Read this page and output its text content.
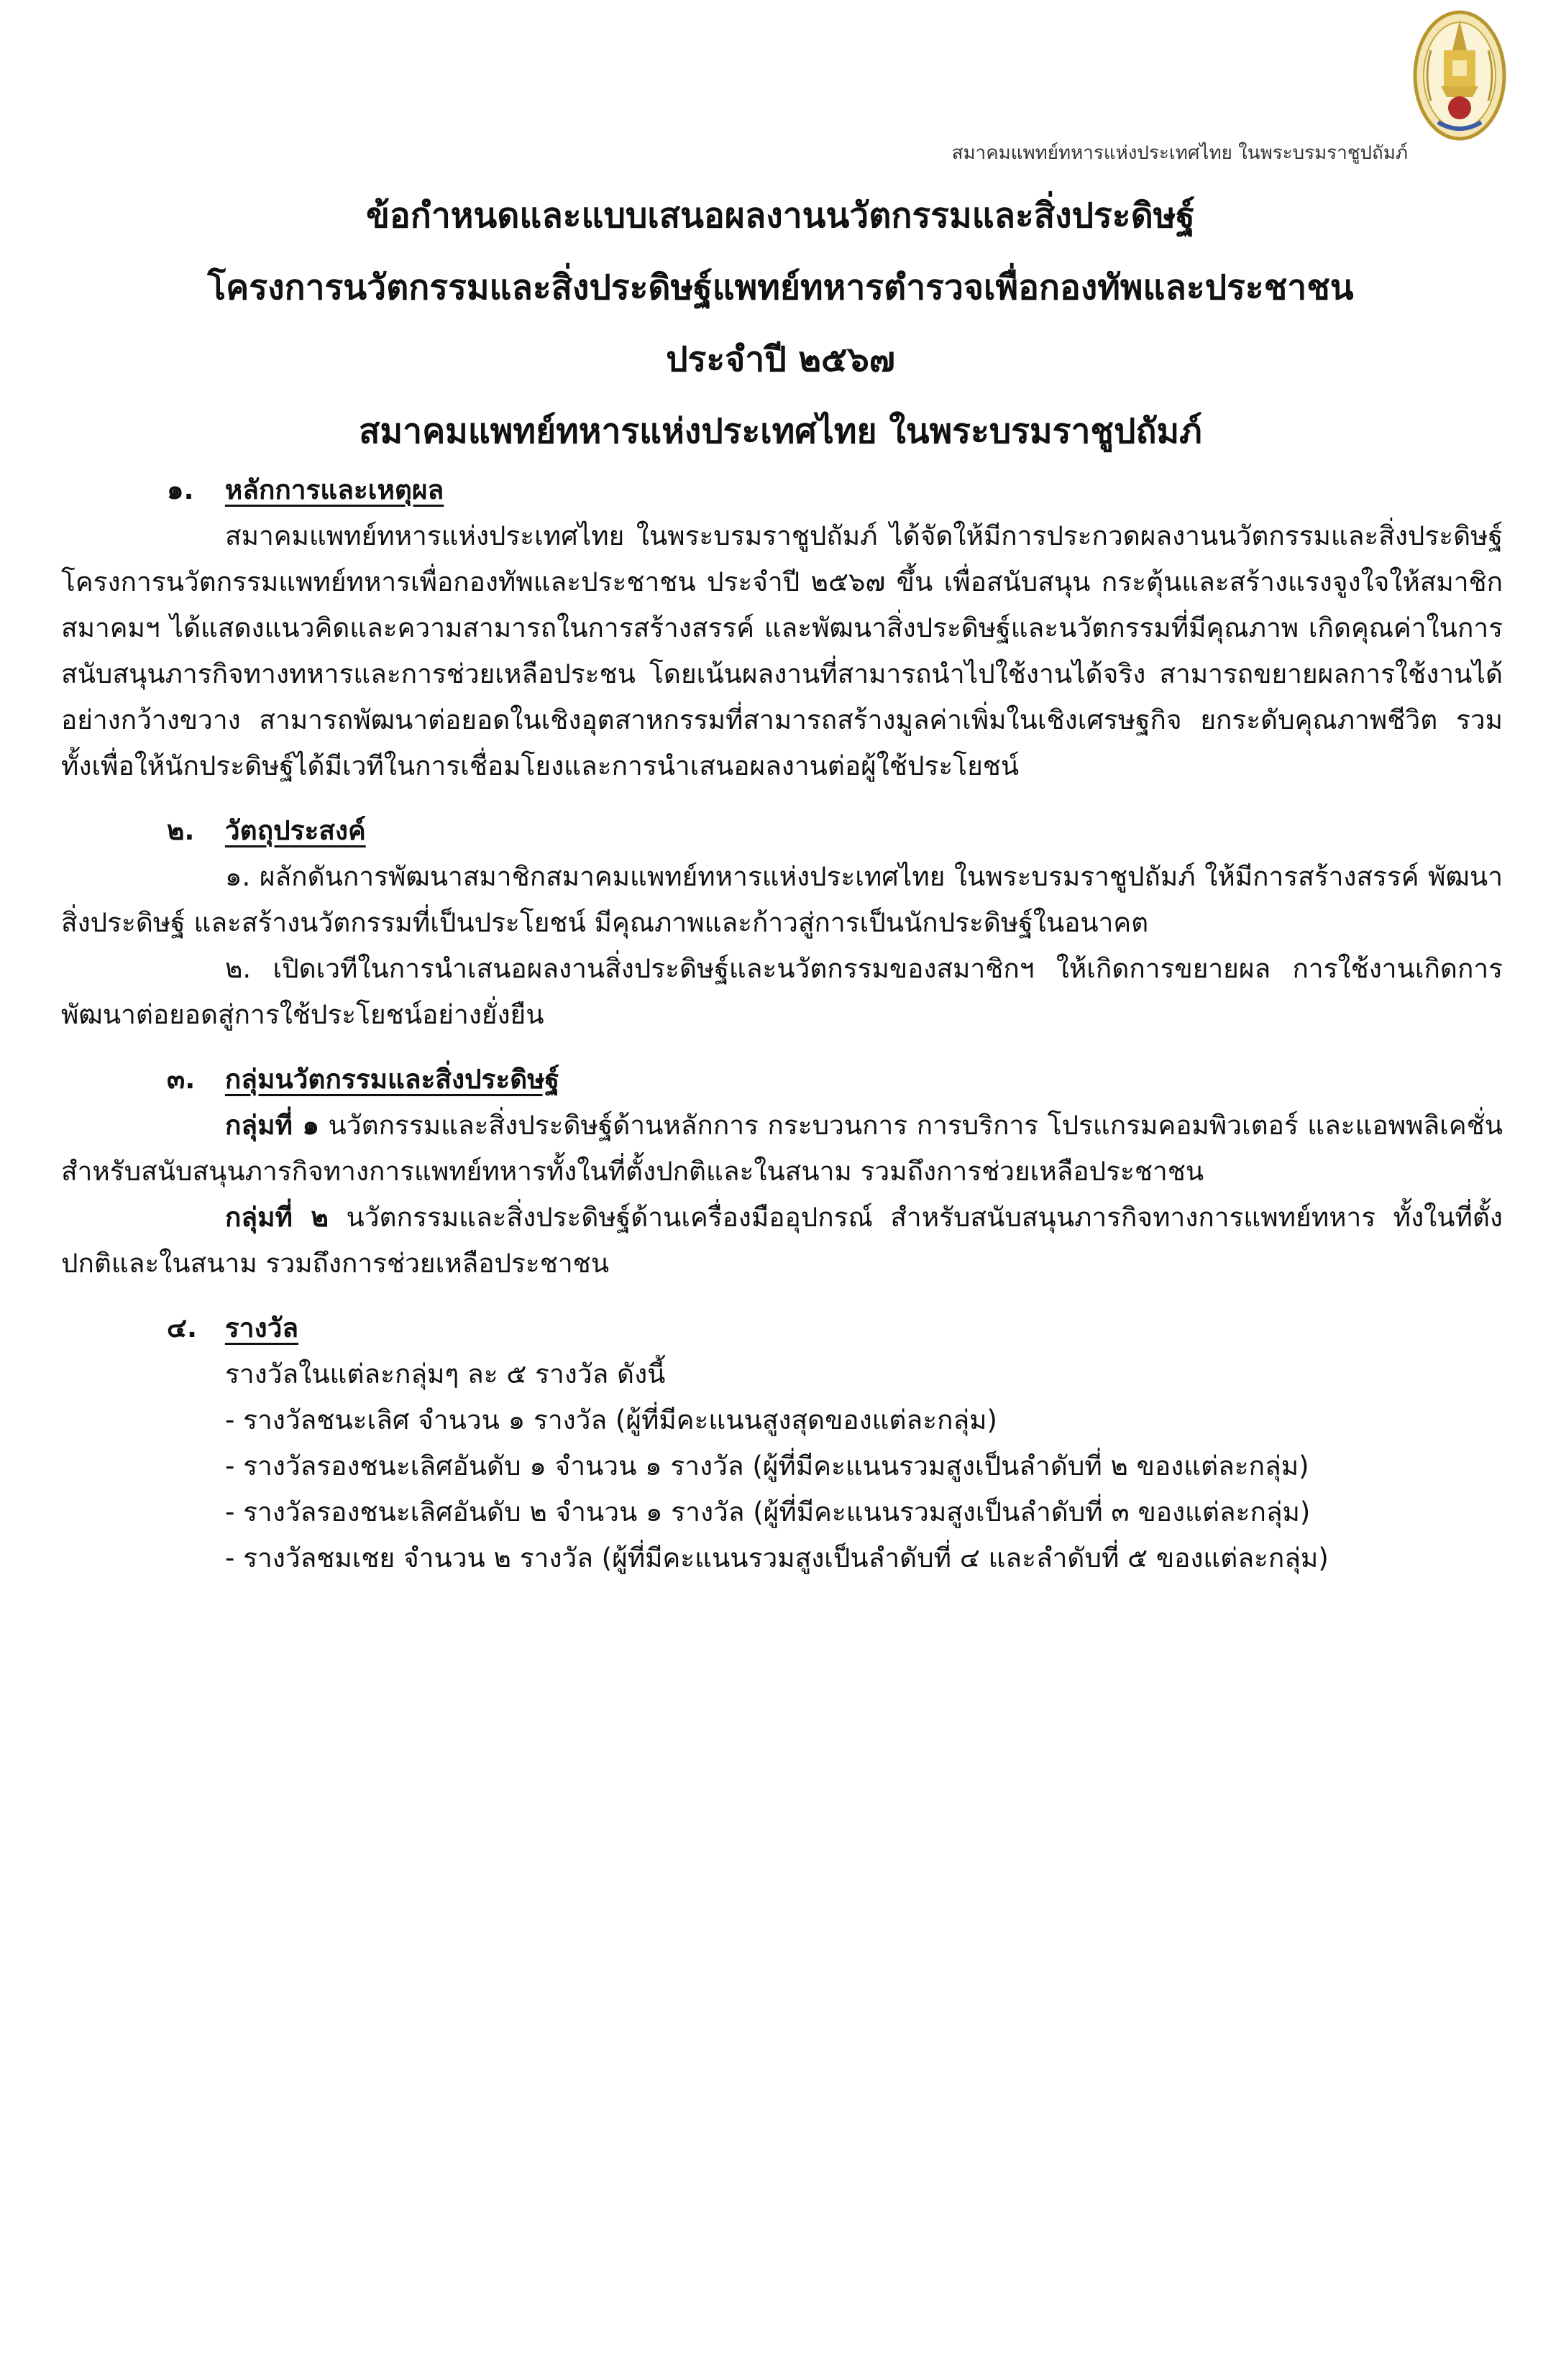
สมาคมแพทย์ทหารแห่งประเทศไทย ในพระบรมราชูปถัมภ์
ข้อกำหนดและแบบเสนอผลงานนวัตกรรมและสิ่งประดิษฐ์
โครงการนวัตกรรมและสิ่งประดิษฐ์แพทย์ทหารตำรวจเพื่อกองทัพและประชาชน
ประจำปี ๒๕๖๗
สมาคมแพทย์ทหารแห่งประเทศไทย ในพระบรมราชูปถัมภ์
๑. หลักการและเหตุผล

สมาคมแพทย์ทหารแห่งประเทศไทย ในพระบรมราชูปถัมภ์ ได้จัดให้มีการประกวดผลงานนวัตกรรมและสิ่งประดิษฐ์ โครงการนวัตกรรมแพทย์ทหารเพื่อกองทัพและประชาชน ประจำปี ๒๕๖๗ ขึ้น เพื่อสนับสนุน กระตุ้นและสร้างแรงจูงใจให้สมาชิกสมาคมฯ ได้แสดงแนวคิดและความสามารถในการสร้างสรรค์ และพัฒนาสิ่งประดิษฐ์และนวัตกรรมที่มีคุณภาพ เกิดคุณค่าในการสนับสนุนภารกิจทางทหารและการช่วยเหลือประชน โดยเน้นผลงานที่สามารถนำไปใช้งานได้จริง สามารถขยายผลการใช้งานได้อย่างกว้างขวาง สามารถพัฒนาต่อยอดในเชิงอุตสาหกรรมที่สามารถสร้างมูลค่าเพิ่มในเชิงเศรษฐกิจ ยกระดับคุณภาพชีวิต รวมทั้งเพื่อให้นักประดิษฐ์ได้มีเวทีในการเชื่อมโยงและการนำเสนอผลงานต่อผู้ใช้ประโยชน์

๒. วัตถุประสงค์

๑. ผลักดันการพัฒนาสมาชิกสมาคมแพทย์ทหารแห่งประเทศไทย ในพระบรมราชูปถัมภ์ ให้มีการสร้างสรรค์ พัฒนาสิ่งประดิษฐ์ และสร้างนวัตกรรมที่เป็นประโยชน์ มีคุณภาพและก้าวสู่การเป็นนักประดิษฐ์ในอนาคต

๒. เปิดเวทีในการนำเสนอผลงานสิ่งประดิษฐ์และนวัตกรรมของสมาชิกฯ ให้เกิดการขยายผล การใช้งานเกิดการพัฒนาต่อยอดสู่การใช้ประโยชน์อย่างยั่งยืน

๓. กลุ่มนวัตกรรมและสิ่งประดิษฐ์

กลุ่มที่ ๑ นวัตกรรมและสิ่งประดิษฐ์ด้านหลักการ กระบวนการ การบริการ โปรแกรมคอมพิวเตอร์ และแอพพลิเคชั่น สำหรับสนับสนุนภารกิจทางการแพทย์ทหารทั้งในที่ตั้งปกติและในสนาม รวมถึงการช่วยเหลือประชาชน

กลุ่มที่ ๒ นวัตกรรมและสิ่งประดิษฐ์ด้านเครื่องมืออุปกรณ์ สำหรับสนับสนุนภารกิจทางการแพทย์ทหาร ทั้งในที่ตั้งปกติและในสนาม รวมถึงการช่วยเหลือประชาชน

๔. รางวัล
รางวัลในแต่ละกลุ่มๆ ละ ๕ รางวัล ดังนี้
- รางวัลชนะเลิศ จำนวน ๑ รางวัล (ผู้ที่มีคะแนนสูงสุดของแต่ละกลุ่ม)
- รางวัลรองชนะเลิศอันดับ ๑ จำนวน ๑ รางวัล (ผู้ที่มีคะแนนรวมสูงเป็นลำดับที่ ๒ ของแต่ละกลุ่ม)
- รางวัลรองชนะเลิศอันดับ ๒ จำนวน ๑ รางวัล (ผู้ที่มีคะแนนรวมสูงเป็นลำดับที่ ๓ ของแต่ละกลุ่ม)
- รางวัลชมเชย จำนวน ๒ รางวัล (ผู้ที่มีคะแนนรวมสูงเป็นลำดับที่ ๔ และลำดับที่ ๕ ของแต่ละกลุ่ม)
